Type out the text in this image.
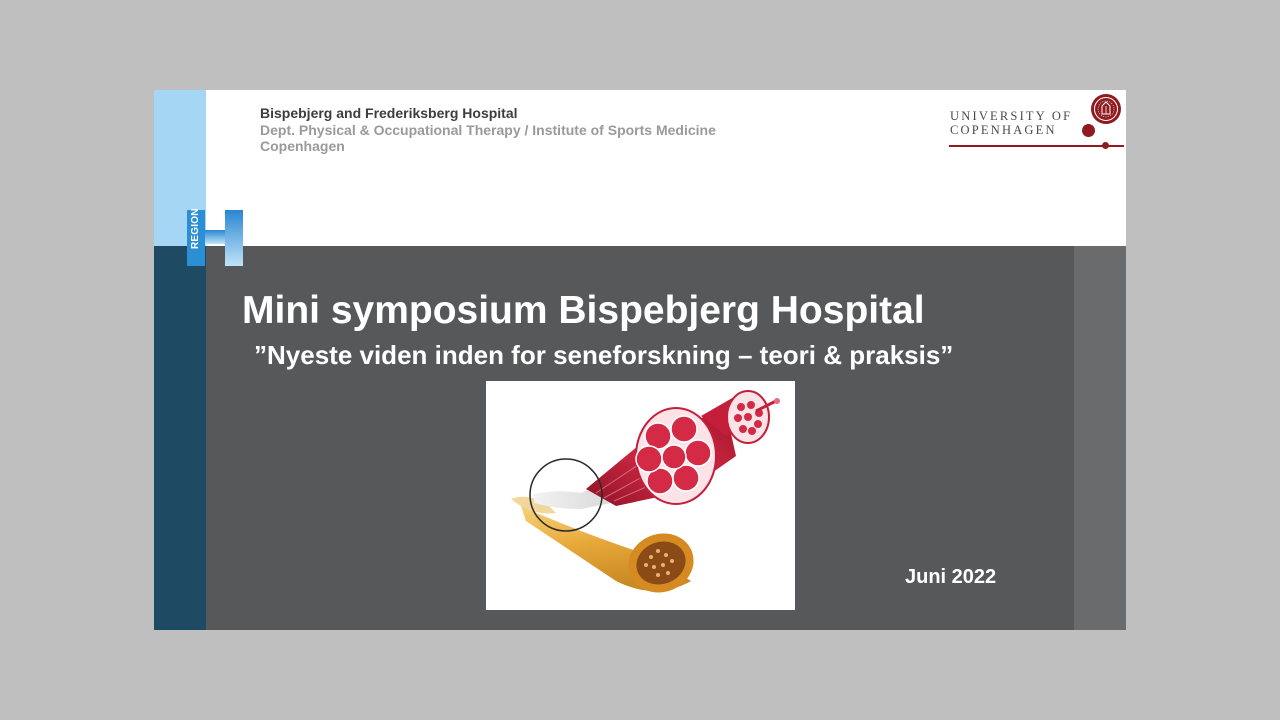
REGION
Bispebjerg and Frederiksberg Hospital
Dept. Physical & Occupational Therapy / Institute of Sports Medicine
Copenhagen
UNIVERSITY OF
COPENHAGEN
Mini symposium Bispebjerg Hospital
”Nyeste viden inden for seneforskning – teori & praksis”
Juni 2022
